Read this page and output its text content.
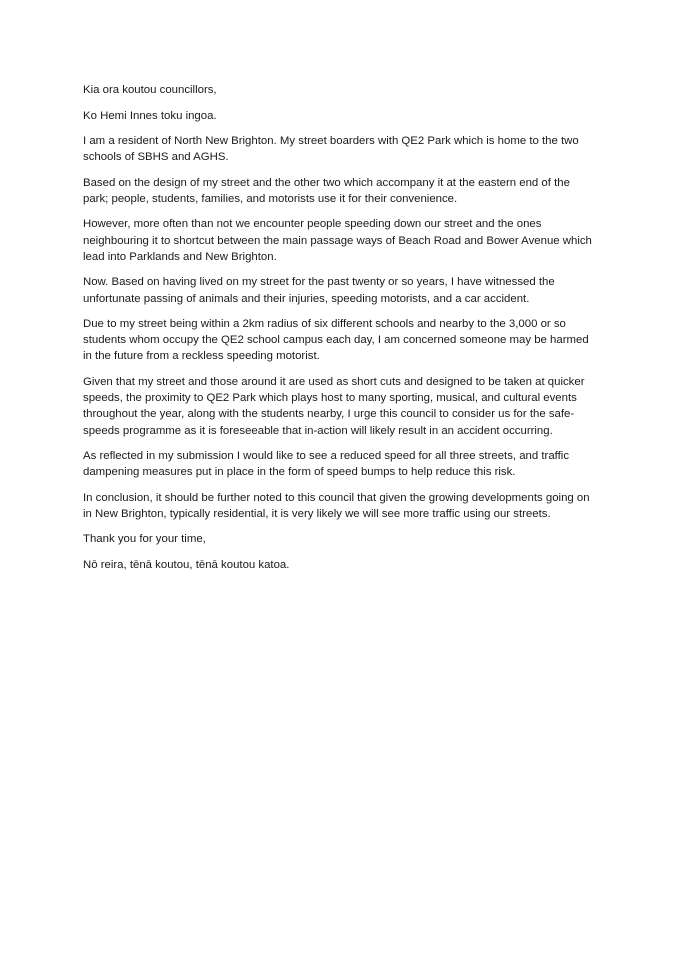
Kia ora koutou councillors,

Ko Hemi Innes toku ingoa.

I am a resident of North New Brighton. My street boarders with QE2 Park which is home to the two schools of SBHS and AGHS.

Based on the design of my street and the other two which accompany it at the eastern end of the park; people, students, families, and motorists use it for their convenience.

However, more often than not we encounter people speeding down our street and the ones neighbouring it to shortcut between the main passage ways of Beach Road and Bower Avenue which lead into Parklands and New Brighton.

Now. Based on having lived on my street for the past twenty or so years, I have witnessed the unfortunate passing of animals and their injuries, speeding motorists, and a car accident.

Due to my street being within a 2km radius of six different schools and nearby to the 3,000 or so students whom occupy the QE2 school campus each day, I am concerned someone may be harmed in the future from a reckless speeding motorist.

Given that my street and those around it are used as short cuts and designed to be taken at quicker speeds, the proximity to QE2 Park which plays host to many sporting, musical, and cultural events throughout the year, along with the students nearby, I urge this council to consider us for the safe-speeds programme as it is foreseeable that in-action will likely result in an accident occurring.

As reflected in my submission I would like to see a reduced speed for all three streets, and traffic dampening measures put in place in the form of speed bumps to help reduce this risk.

In conclusion, it should be further noted to this council that given the growing developments going on in New Brighton, typically residential, it is very likely we will see more traffic using our streets.

Thank you for your time,

Nō reira, tēnā koutou, tēnā koutou katoa.
